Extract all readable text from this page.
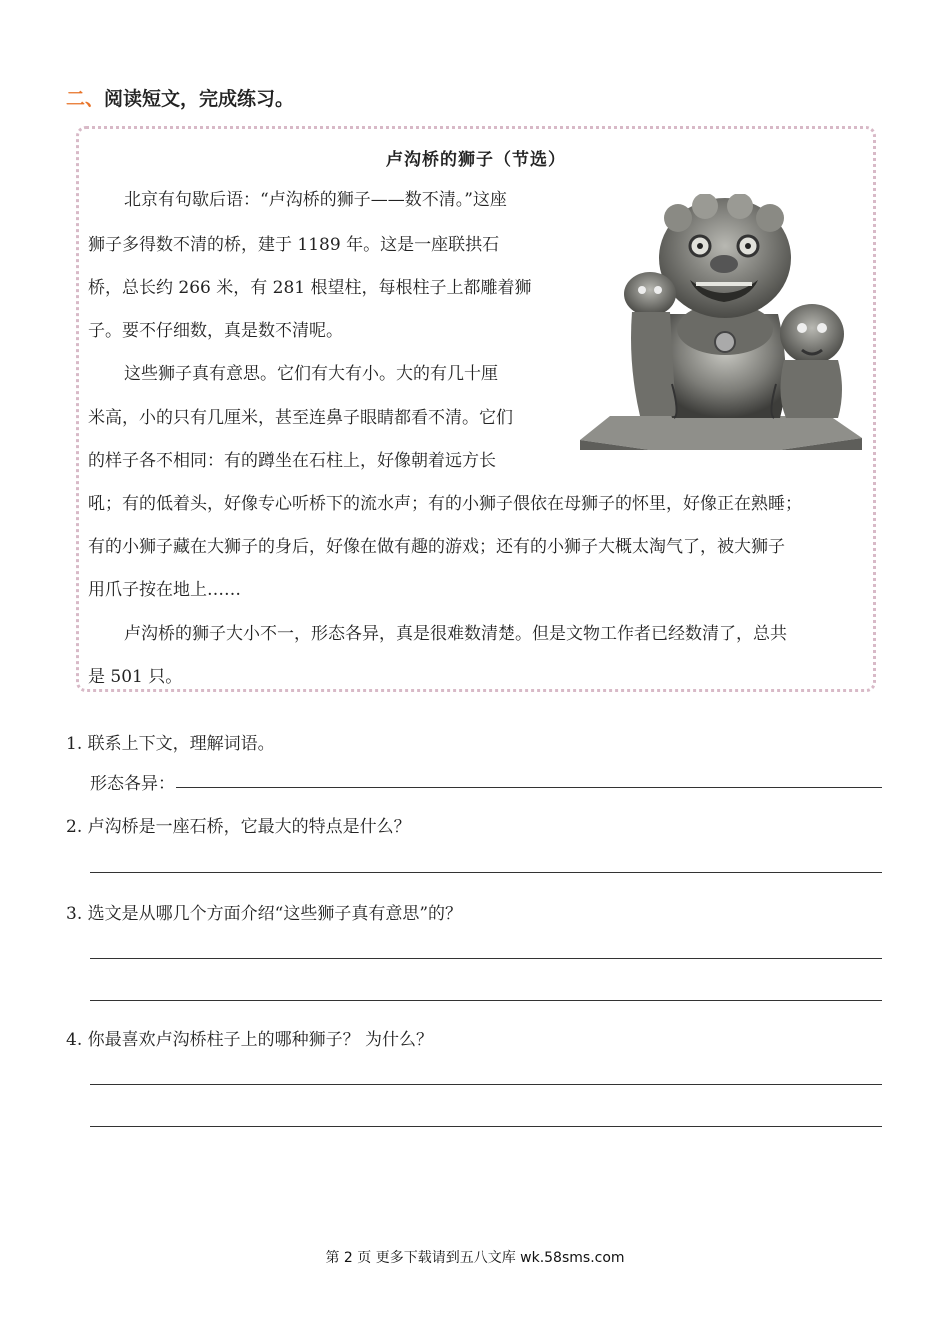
二、阅读短文，完成练习。
卢沟桥的狮子（节选）
北京有句歇后语：“卢沟桥的狮子——数不清。”这座
狮子多得数不清的桥，建于 1189 年。这是一座联拱石
桥，总长约 266 米，有 281 根望柱，每根柱子上都雕着狮
子。要不仔细数，真是数不清呢。
这些狮子真有意思。它们有大有小。大的有几十厘
米高，小的只有几厘米，甚至连鼻子眼睛都看不清。它们
的样子各不相同：有的蹲坐在石柱上，好像朝着远方长
吼；有的低着头，好像专心听桥下的流水声；有的小狮子偎依在母狮子的怀里，好像正在熟睡；
有的小狮子藏在大狮子的身后，好像在做有趣的游戏；还有的小狮子大概太淘气了，被大狮子
用爪子按在地上……
卢沟桥的狮子大小不一，形态各异，真是很难数清楚。但是文物工作者已经数清了，总共
是 501 只。
1. 联系上下文，理解词语。
形态各异：
2. 卢沟桥是一座石桥，它最大的特点是什么？
3. 选文是从哪几个方面介绍“这些狮子真有意思”的？
4. 你最喜欢卢沟桥柱子上的哪种狮子？ 为什么？
第 2 页 更多下载请到五八文库 wk.58sms.com
